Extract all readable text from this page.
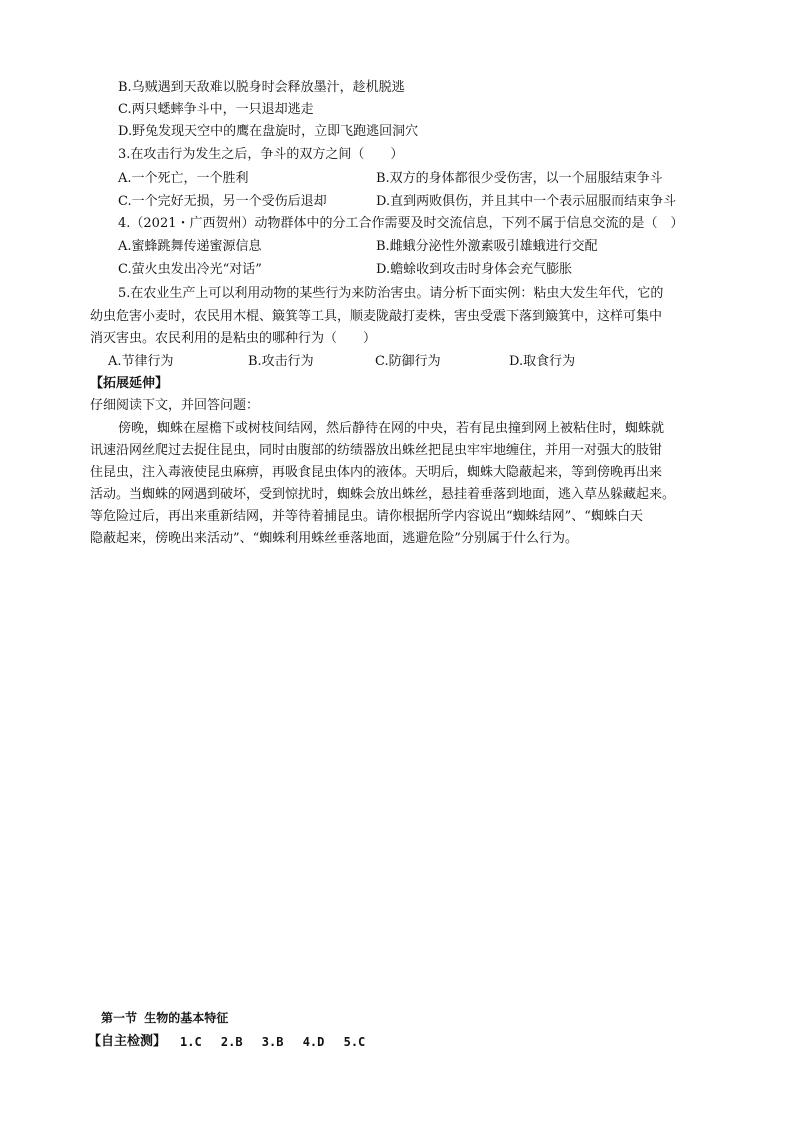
B.乌贼遇到天敌难以脱身时会释放墨汁，趁机脱逃
C.两只蟋蟀争斗中，一只退却逃走
D.野兔发现天空中的鹰在盘旋时，立即飞跑逃回洞穴
3.在攻击行为发生之后，争斗的双方之间（　　）
A.一个死亡，一个胜利	B.双方的身体都很少受伤害，以一个屈服结束争斗
C.一个完好无损，另一个受伤后退却	D.直到两败俱伤，并且其中一个表示屈服而结束争斗
4.（2021・广西贺州）动物群体中的分工合作需要及时交流信息，下列不属于信息交流的是（　）
A.蜜蜂跳舞传递蜜源信息	B.雌蛾分泌性外激素吸引雄蛾进行交配
C.萤火虫发出冷光“对话”	D.蟾蜍收到攻击时身体会充气膨胀
5.在农业生产上可以利用动物的某些行为来防治害虫。请分析下面实例：粘虫大发生年代，它的
幼虫危害小麦时，农民用木棍、簸箕等工具，顺麦陇敲打麦株，害虫受震下落到簸箕中，这样可集中
消灭害虫。农民利用的是粘虫的哪种行为（　　）
A.节律行为	B.攻击行为	C.防御行为	D.取食行为
【拓展延伸】
仔细阅读下文，并回答问题：
傍晚，蜘蛛在屋檐下或树枝间结网，然后静待在网的中央，若有昆虫撞到网上被粘住时，蜘蛛就
讯速沿网丝爬过去捉住昆虫，同时由腹部的纺绩器放出蛛丝把昆虫牢牢地缠住，并用一对强大的肢钳
住昆虫，注入毒液使昆虫麻痹，再吸食昆虫体内的液体。天明后，蜘蛛大隐蔽起来，等到傍晚再出来
活动。当蜘蛛的网遇到破坏，受到惊扰时，蜘蛛会放出蛛丝，悬挂着垂落到地面，逃入草丛躲藏起来。
等危险过后，再出来重新结网，并等待着捕昆虫。请你根据所学内容说出“蜘蛛结网”、“蜘蛛白天
隐蔽起来，傍晚出来活动”、“蜘蛛利用蛛丝垂落地面，逃避危险”分别属于什么行为。
第一节 生物的基本特征
【自主检测】 1.C　 2.B　 3.B　 4.D　 5.C
